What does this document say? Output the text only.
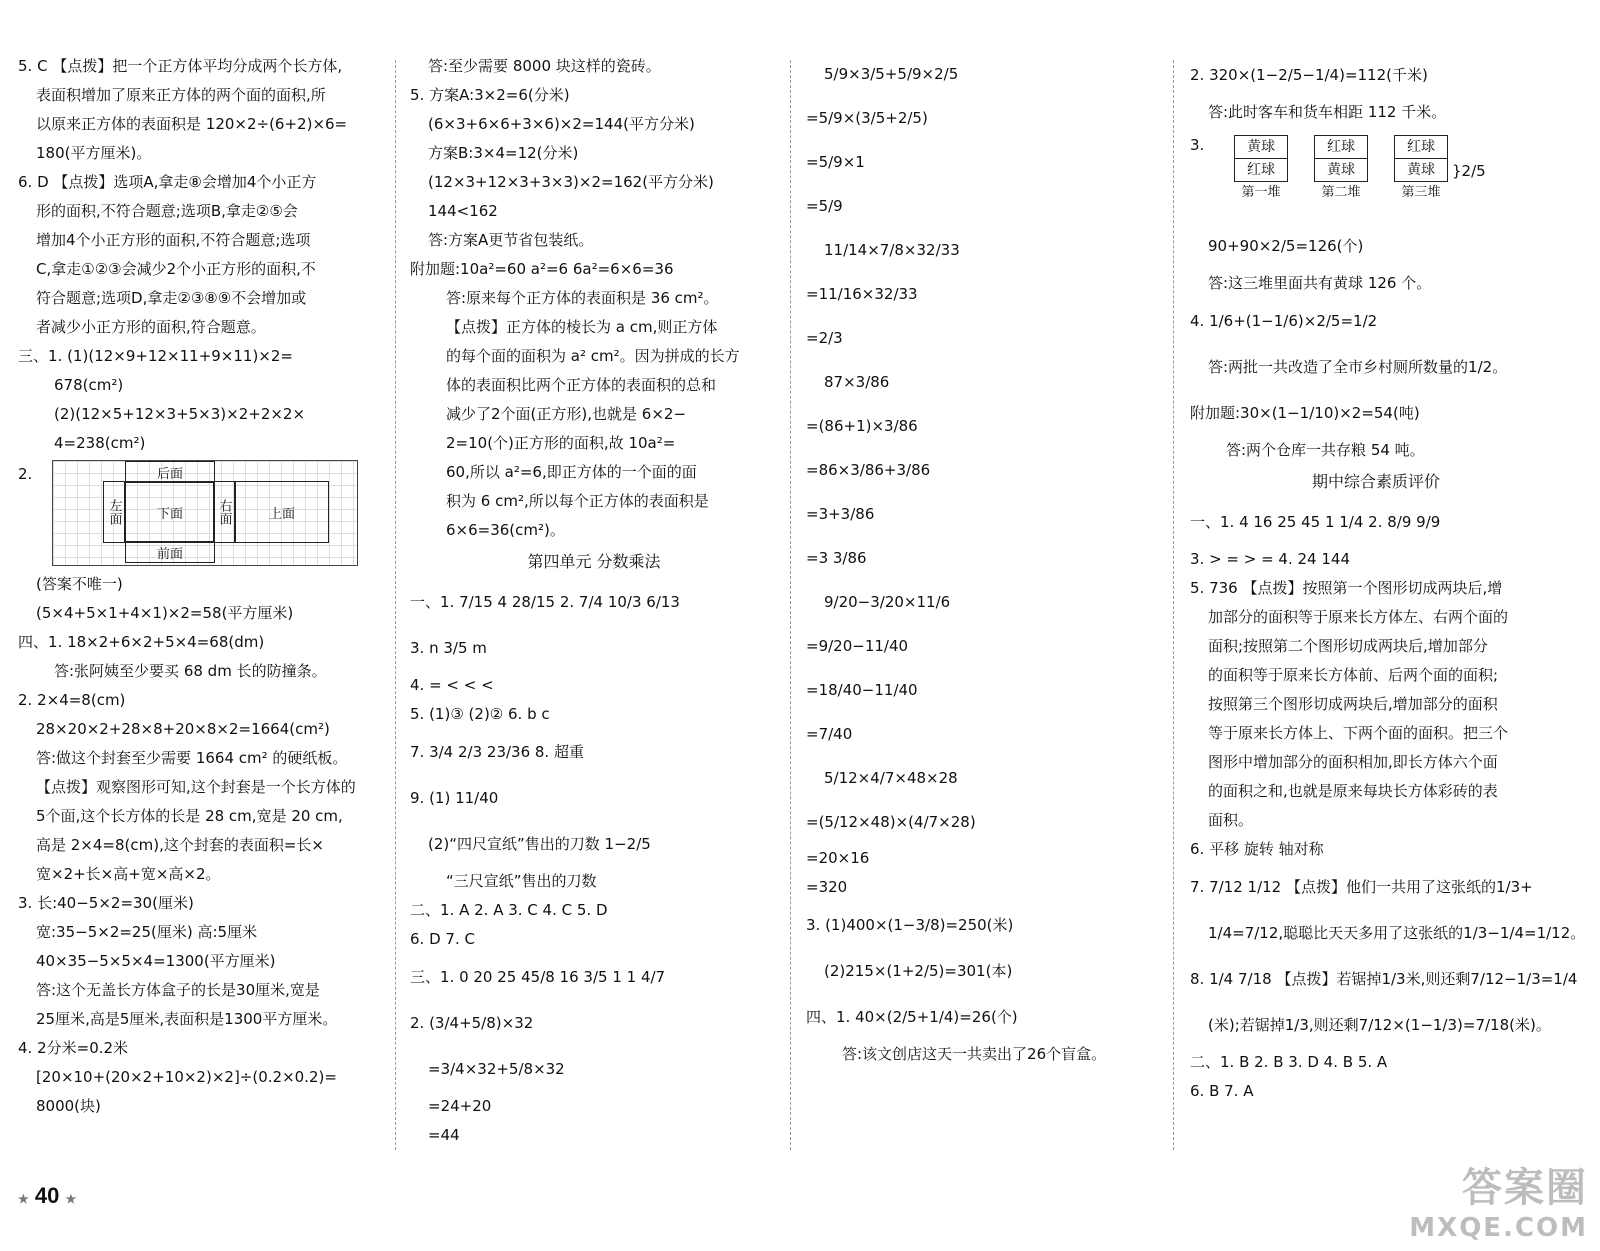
5. C 【点拨】把一个正方体平均分成两个长方体,
表面积增加了原来正方体的两个面的面积,所
以原来正方体的表面积是 120×2÷(6+2)×6=
180(平方厘米)。
6. D 【点拨】选项A,拿走⑧会增加4个小正方
形的面积,不符合题意;选项B,拿走②⑤会
增加4个小正方形的面积,不符合题意;选项
C,拿走①②③会减少2个小正方形的面积,不
符合题意;选项D,拿走②③⑧⑨不会增加或
者减少小正方形的面积,符合题意。
三、1. (1)(12×9+12×11+9×11)×2=
678(cm²)
(2)(12×5+12×3+5×3)×2+2×2×
4=238(cm²)
2.	后面
左面	下面	右面	上面
前面
(答案不唯一)
(5×4+5×1+4×1)×2=58(平方厘米)
四、1. 18×2+6×2+5×4=68(dm)
答:张阿姨至少要买 68 dm 长的防撞条。
2. 2×4=8(cm)
28×20×2+28×8+20×8×2=1664(cm²)
答:做这个封套至少需要 1664 cm² 的硬纸板。
【点拨】观察图形可知,这个封套是一个长方体的
5个面,这个长方体的长是 28 cm,宽是 20 cm,
高是 2×4=8(cm),这个封套的表面积=长×
宽×2+长×高+宽×高×2。
3. 长:40−5×2=30(厘米)
宽:35−5×2=25(厘米) 高:5厘米
40×35−5×5×4=1300(平方厘米)
答:这个无盖长方体盒子的长是30厘米,宽是
25厘米,高是5厘米,表面积是1300平方厘米。
4. 2分米=0.2米
[20×10+(20×2+10×2)×2]÷(0.2×0.2)=
8000(块)
答:至少需要 8000 块这样的瓷砖。
5. 方案A:3×2=6(分米)
(6×3+6×6+3×6)×2=144(平方分米)
方案B:3×4=12(分米)
(12×3+12×3+3×3)×2=162(平方分米)
144<162
答:方案A更节省包装纸。
附加题:10a²=60 a²=6 6a²=6×6=36
答:原来每个正方体的表面积是 36 cm²。
【点拨】正方体的棱长为 a cm,则正方体
的每个面的面积为 a² cm²。因为拼成的长方
体的表面积比两个正方体的表面积的总和
减少了2个面(正方形),也就是 6×2−
2=10(个)正方形的面积,故 10a²=
60,所以 a²=6,即正方体的一个面的面
积为 6 cm²,所以每个正方体的表面积是
6×6=36(cm²)。
第四单元 分数乘法
一、1. 7/15 4 28/15 2. 7/4 10/3 6/13
3. n 3/5 m
4. = < < <
5. (1)③ (2)② 6. b c
7. 3/4 2/3 23/36 8. 超重
9. (1) 11/40
(2)“四尺宣纸”售出的刀数 1−2/5
“三尺宣纸”售出的刀数
二、1. A 2. A 3. C 4. C 5. D
6. D 7. C
三、1. 0 20 25 45/8 16 3/5 1 1 4/7
2. (3/4+5/8)×32
=3/4×32+5/8×32
=24+20
=44
5/9×3/5+5/9×2/5
=5/9×(3/5+2/5)
=5/9×1
=5/9
11/14×7/8×32/33
=11/16×32/33
=2/3
87×3/86
=(86+1)×3/86
=86×3/86+3/86
=3+3/86
=3 3/86
9/20−3/20×11/6
=9/20−11/40
=18/40−11/40
=7/40
5/12×4/7×48×28
=(5/12×48)×(4/7×28)
=20×16
=320
3. (1)400×(1−3/8)=250(米)
(2)215×(1+2/5)=301(本)
四、1. 40×(2/5+1/4)=26(个)
答:该文创店这天一共卖出了26个盲盒。
2. 320×(1−2/5−1/4)=112(千米)
答:此时客车和货车相距 112 千米。
3.	黄球
红球
第一堆
红球
黄球
第二堆
红球
黄球
第三堆
}2/5
90+90×2/5=126(个)
答:这三堆里面共有黄球 126 个。
4. 1/6+(1−1/6)×2/5=1/2
答:两批一共改造了全市乡村厕所数量的1/2。
附加题:30×(1−1/10)×2=54(吨)
答:两个仓库一共存粮 54 吨。
期中综合素质评价
一、1. 4 16 25 45 1 1/4 2. 8/9 9/9
3. > = > = 4. 24 144
5. 736 【点拨】按照第一个图形切成两块后,增
加部分的面积等于原来长方体左、右两个面的
面积;按照第二个图形切成两块后,增加部分
的面积等于原来长方体前、后两个面的面积;
按照第三个图形切成两块后,增加部分的面积
等于原来长方体上、下两个面的面积。把三个
图形中增加部分的面积相加,即长方体六个面
的面积之和,也就是原来每块长方体彩砖的表
面积。
6. 平移 旋转 轴对称
7. 7/12 1/12 【点拨】他们一共用了这张纸的1/3+
1/4=7/12,聪聪比天天多用了这张纸的1/3−1/4=1/12。
8. 1/4 7/18 【点拨】若锯掉1/3米,则还剩7/12−1/3=1/4
(米);若锯掉1/3,则还剩7/12×(1−1/3)=7/18(米)。
二、1. B 2. B 3. D 4. B 5. A
6. B 7. A
★ 40 ★	答案圈
MXQE.COM
